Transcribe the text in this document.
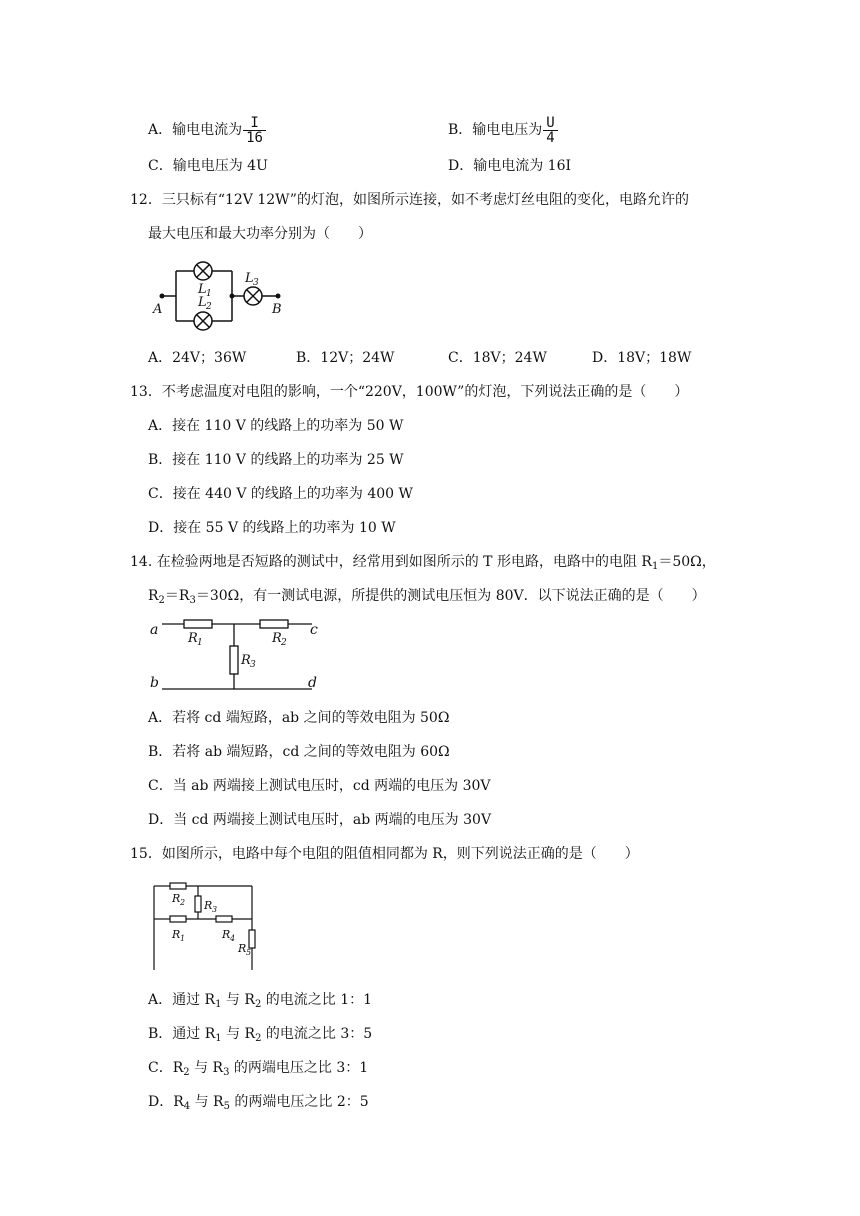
A．输电电流为 $\frac{I}{16}$	B．输电电压为 $\frac{U}{4}$
C．输电电压为 4U	D．输电电流为 16I
12．三只标有“12V 12W”的灯泡，如图所示连接，如不考虑灯丝电阻的变化，电路允许的
最大电压和最大功率分别为（　　）
A	B
L 1
L 2
L 3
A．24V；36W	B．12V；24W	C．18V；24W	D．18V；18W
13．不考虑温度对电阻的影响，一个“220V，100W”的灯泡，下列说法正确的是（　　）
A．接在 110 V 的线路上的功率为 50 W
B．接在 110 V 的线路上的功率为 25 W
C．接在 440 V 的线路上的功率为 400 W
D．接在 55 V 的线路上的功率为 10 W
14. 在检验两地是否短路的测试中，经常用到如图所示的 T 形电路，电路中的电阻 $R_1=50\Omega$，
$R_2=R_3=30\Omega$，有一测试电源，所提供的测试电压恒为 80V．以下说法正确的是（　　）
a
b
c
d
R 1	R 2
R 3
A．若将 cd 端短路，ab 之间的等效电阻为 50Ω
B．若将 ab 端短路，cd 之间的等效电阻为 60Ω
C．当 ab 两端接上测试电压时，cd 两端的电压为 30V
D．当 cd 两端接上测试电压时，ab 两端的电压为 30V
15．如图所示，电路中每个电阻的阻值相同都为 R，则下列说法正确的是（　　）
R 2 R 3
R 1	R 4
R 5
A．通过 $R_1$ 与 $R_2$ 的电流之比 1：1
B．通过 $R_1$ 与 $R_2$ 的电流之比 3：5
C．$R_2$ 与 $R_3$ 的两端电压之比 3：1
D．$R_4$ 与 $R_5$ 的两端电压之比 2：5
